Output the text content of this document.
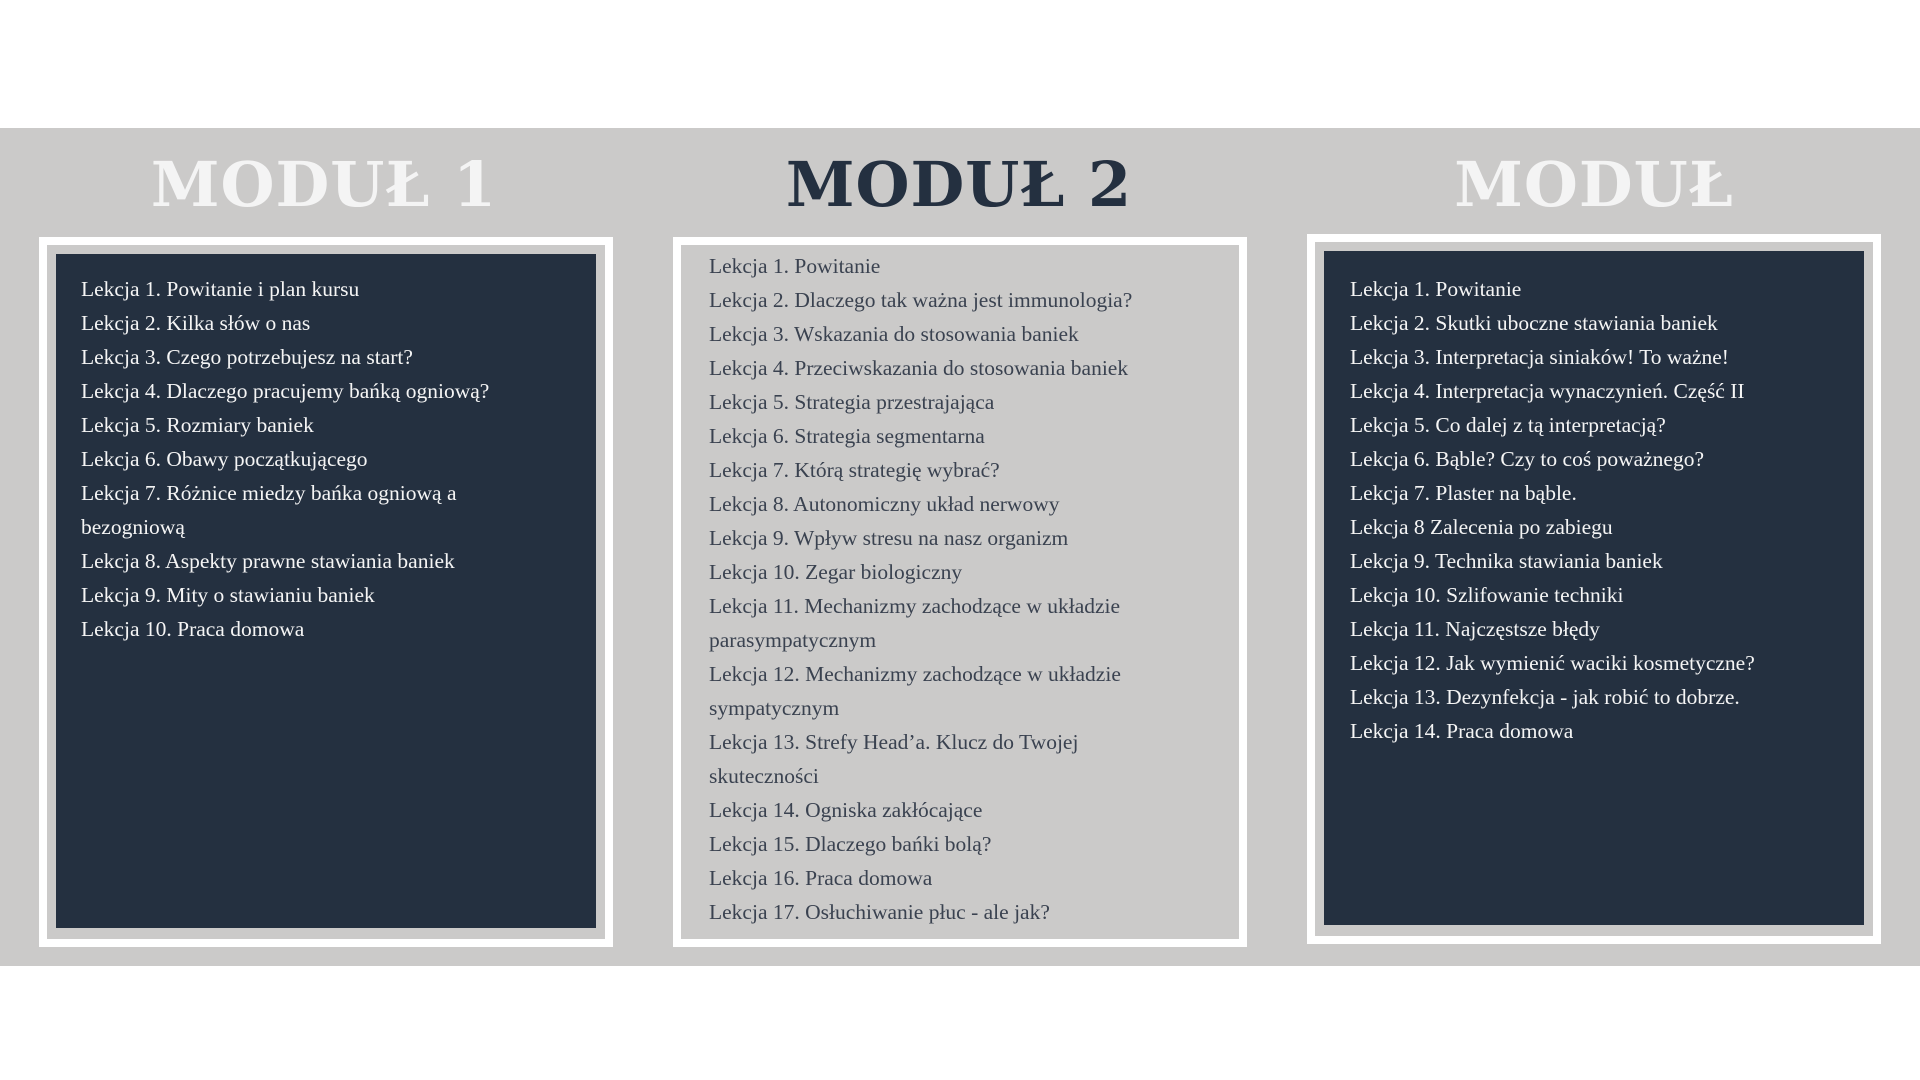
MODUŁ 1
Lekcja 1. Powitanie i plan kursu
Lekcja 2. Kilka słów o nas
Lekcja 3. Czego potrzebujesz na start?
Lekcja 4. Dlaczego pracujemy bańką ogniową?
Lekcja 5. Rozmiary baniek
Lekcja 6. Obawy początkującego
Lekcja 7. Różnice miedzy bańka ogniową a bezogniową
Lekcja 8. Aspekty prawne stawiania baniek
Lekcja 9. Mity o stawianiu baniek
Lekcja 10. Praca domowa
MODUŁ 2
Lekcja 1. Powitanie
Lekcja 2. Dlaczego tak ważna jest immunologia?
Lekcja 3. Wskazania do stosowania baniek
Lekcja 4. Przeciwskazania do stosowania baniek
Lekcja 5. Strategia przestrajająca
Lekcja 6. Strategia segmentarna
Lekcja 7. Którą strategię wybrać?
Lekcja 8. Autonomiczny układ nerwowy
Lekcja 9. Wpływ stresu na nasz organizm
Lekcja 10. Zegar biologiczny
Lekcja 11. Mechanizmy zachodzące w układzie parasympatycznym
Lekcja 12. Mechanizmy zachodzące w układzie sympatycznym
Lekcja 13. Strefy Head’a. Klucz do Twojej skuteczności
Lekcja 14. Ogniska zakłócające
Lekcja 15. Dlaczego bańki bolą?
Lekcja 16. Praca domowa
Lekcja 17. Osłuchiwanie płuc - ale jak?
MODUŁ
Lekcja 1. Powitanie
Lekcja 2. Skutki uboczne stawiania baniek
Lekcja 3. Interpretacja siniaków! To ważne!
Lekcja 4. Interpretacja wynaczynień. Część II
Lekcja 5. Co dalej z tą interpretacją?
Lekcja 6. Bąble? Czy to coś poważnego?
Lekcja 7. Plaster na bąble.
Lekcja 8 Zalecenia po zabiegu
Lekcja 9. Technika stawiania baniek
Lekcja 10. Szlifowanie techniki
Lekcja 11. Najczęstsze błędy
Lekcja 12. Jak wymienić waciki kosmetyczne?
Lekcja 13. Dezynfekcja - jak robić to dobrze.
Lekcja 14. Praca domowa
